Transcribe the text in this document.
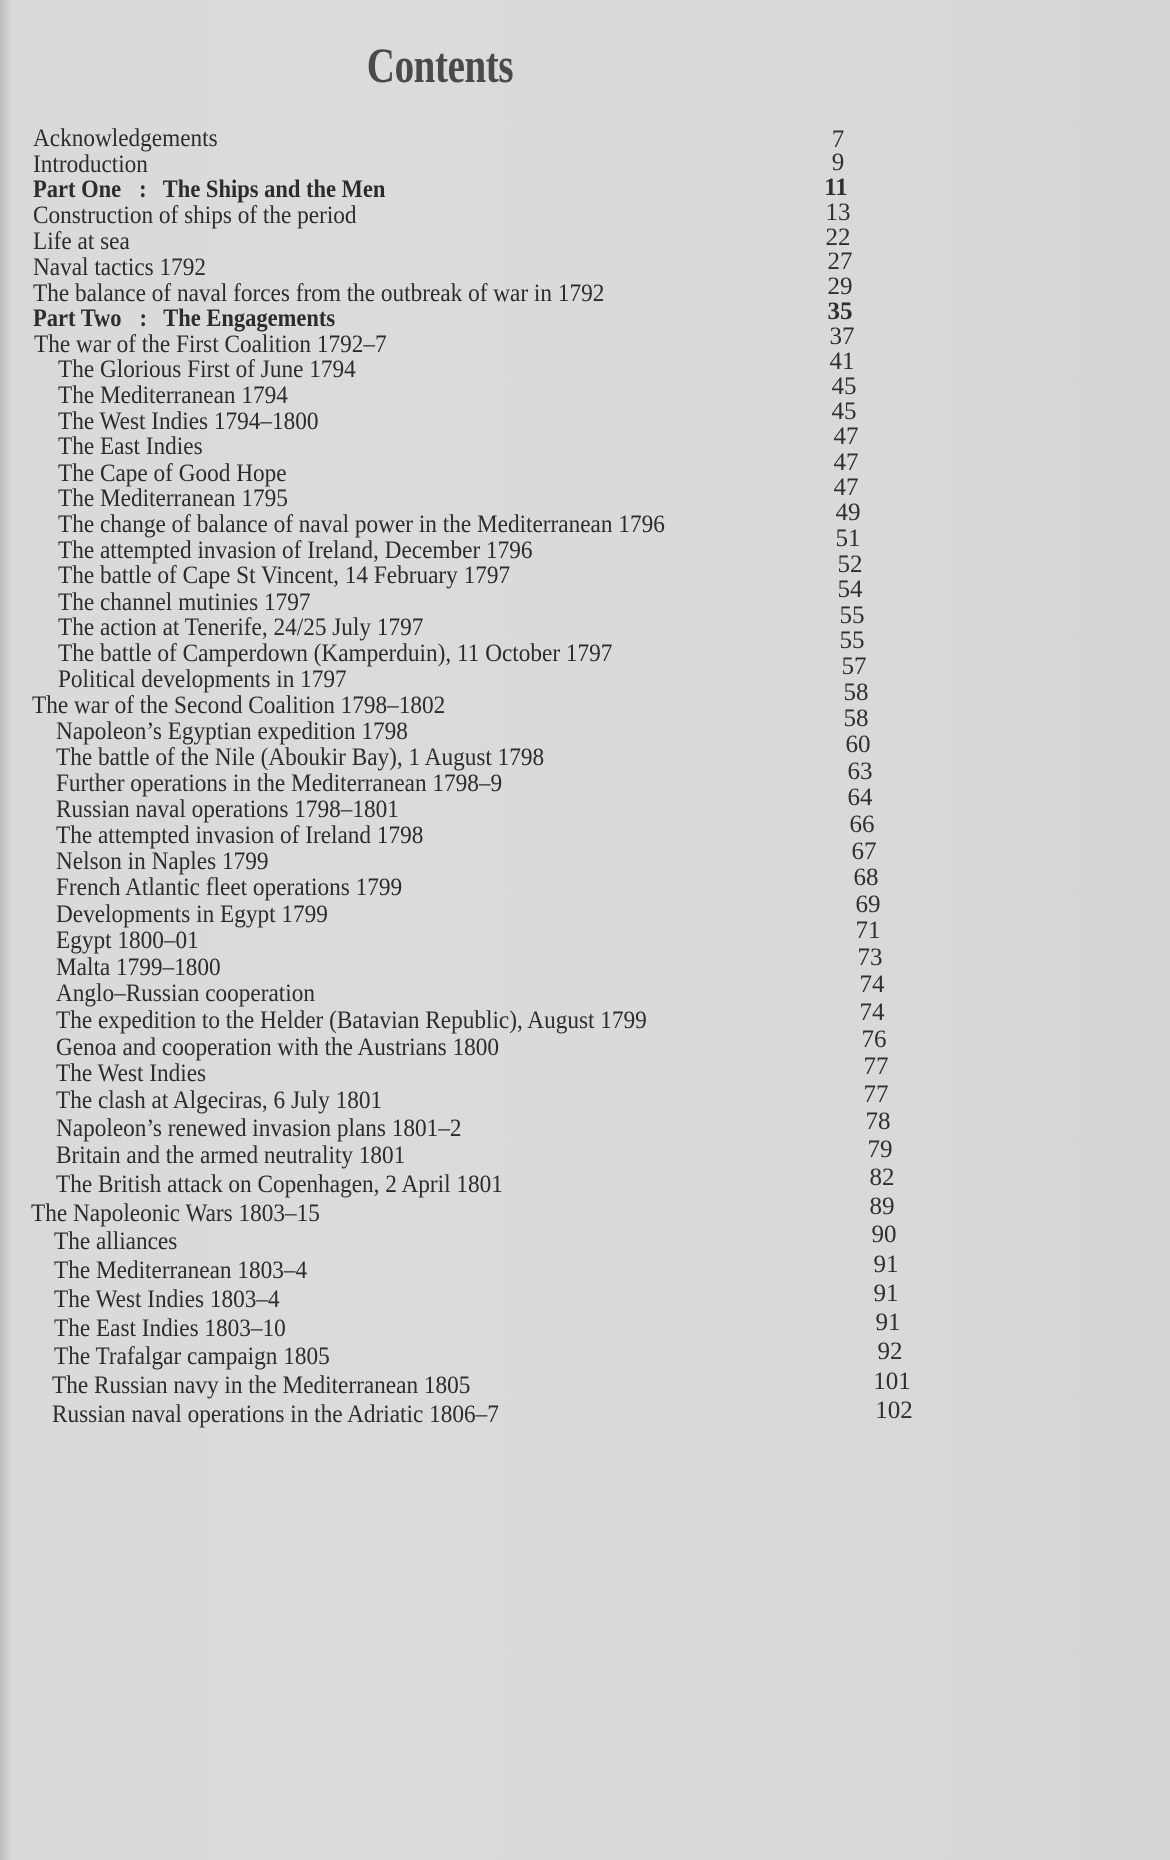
Contents
Acknowledgements	7
Introduction	9
Part One : The Ships and the Men	11
Construction of ships of the period	13
Life at sea	22
Naval tactics 1792	27
The balance of naval forces from the outbreak of war in 1792	29
Part Two : The Engagements	35
The war of the First Coalition 1792–7	37
The Glorious First of June 1794	41
The Mediterranean 1794	45
The West Indies 1794–1800	45
The East Indies	47
The Cape of Good Hope	47
The Mediterranean 1795	47
The change of balance of naval power in the Mediterranean 1796	49
The attempted invasion of Ireland, December 1796	51
The battle of Cape St Vincent, 14 February 1797	52
The channel mutinies 1797	54
The action at Tenerife, 24/25 July 1797	55
The battle of Camperdown (Kamperduin), 11 October 1797	55
Political developments in 1797	57
The war of the Second Coalition 1798–1802	58
Napoleon’s Egyptian expedition 1798	58
The battle of the Nile (Aboukir Bay), 1 August 1798	60
Further operations in the Mediterranean 1798–9	63
Russian naval operations 1798–1801	64
The attempted invasion of Ireland 1798	66
Nelson in Naples 1799	67
French Atlantic fleet operations 1799	68
Developments in Egypt 1799	69
Egypt 1800–01	71
Malta 1799–1800	73
Anglo–Russian cooperation	74
The expedition to the Helder (Batavian Republic), August 1799	74
Genoa and cooperation with the Austrians 1800	76
The West Indies	77
The clash at Algeciras, 6 July 1801	77
Napoleon’s renewed invasion plans 1801–2	78
Britain and the armed neutrality 1801	79
The British attack on Copenhagen, 2 April 1801	82
The Napoleonic Wars 1803–15	89
The alliances	90
The Mediterranean 1803–4	91
The West Indies 1803–4	91
The East Indies 1803–10	91
The Trafalgar campaign 1805	92
The Russian navy in the Mediterranean 1805	101
Russian naval operations in the Adriatic 1806–7	102
